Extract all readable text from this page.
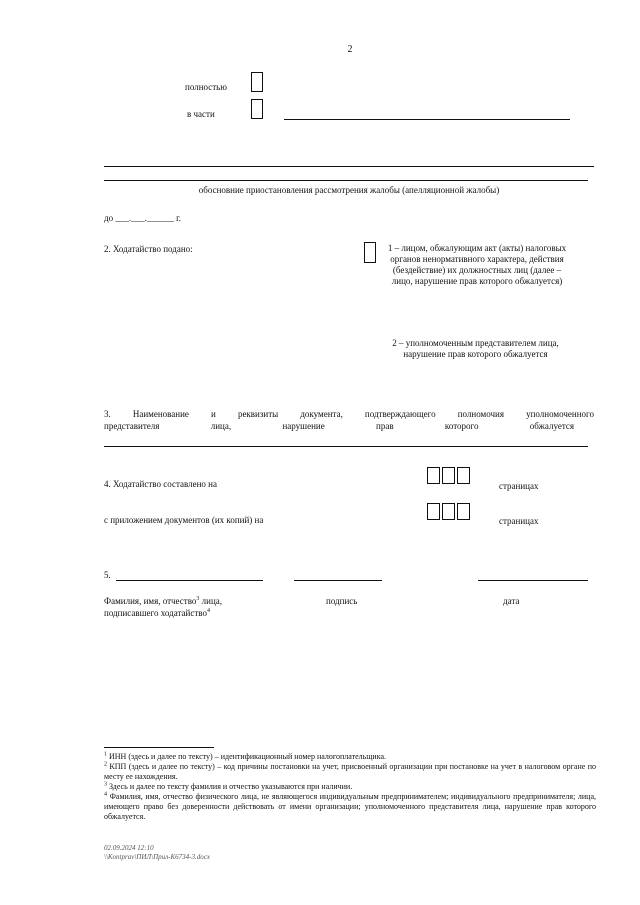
2
полностью
в части
обосновние приостановления рассмотрения жалобы (апелляционной жалобы)
до ___.___.______ г.
2. Ходатайство подано:	1 – лицом, обжалующим акт (акты) налоговых органов ненормативного характера, действия (бездействие) их должностных лиц (далее – лицо, нарушение прав которого обжалуется)
2 – уполномоченным представителем лица, нарушение прав которого обжалуется
3. Наименование и реквизиты документа, подтверждающего полномочия уполномоченного
представителя лица, нарушение прав которого обжалуется
4. Ходатайство составлено на	страницах
с приложением документов (их копий) на	страницах
5.
Фамилия, имя, отчество$^3$ лица,
подписавшего ходатайство$^4$
подпись	дата
$^1$ ИНН (здесь и далее по тексту) – идентификационный номер налогоплательщика.
$^2$ КПП (здесь и далее по тексту) – код причины постановки на учет, присвоенный организации при постановке на учет в налоговом органе по месту ее нахождения.
$^3$ Здесь и далее по тексту фамилия и отчество указываются при наличии.
$^4$ Фамилия, имя, отчество физического лица, не являющегося индивидуальным предпринимателем; индивидуального предпринимателя; лица, имеющего право без доверенности действовать от имени организации; уполномоченного представителя лица, нарушение прав которого обжалуется.
02.09.2024 12:10
\\Kontprav\ПИЛ\Прил-К6734-3.docx
